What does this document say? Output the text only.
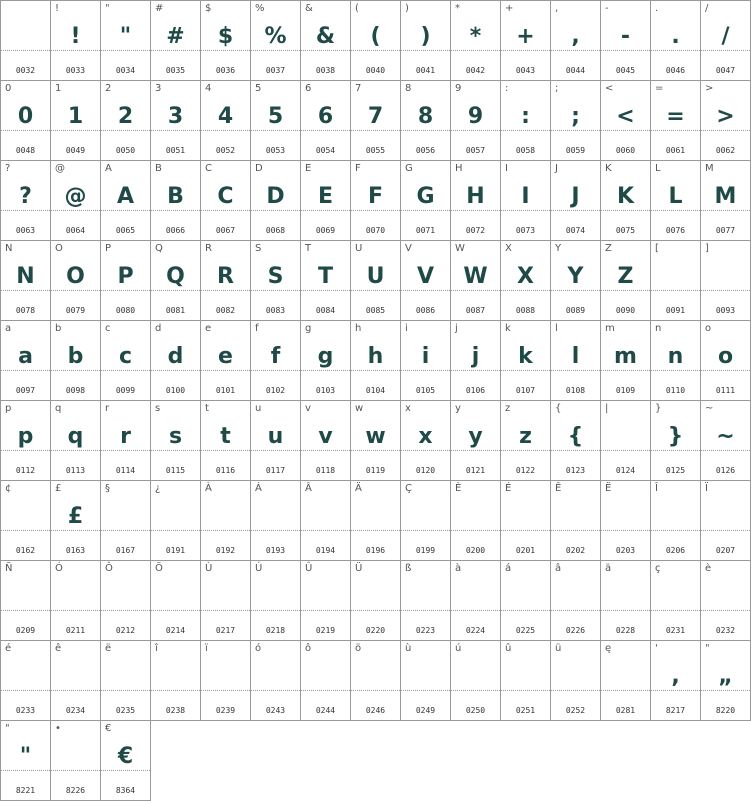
0032
!
!
0033
"
"
0034
#
#
0035
$
$
0036
%
%
0037
&
&
0038
(
(
0040
)
)
0041
*
*
0042
+
+
0043
,
,
0044
-
-
0045
.
.
0046
/
/
0047
0
0
0048
1
1
0049
2
2
0050
3
3
0051
4
4
0052
5
5
0053
6
6
0054
7
7
0055
8
8
0056
9
9
0057
:
:
0058
;
;
0059
<
<
0060
=
=
0061
>
>
0062
?
?
0063
@
@
0064
A
A
0065
B
B
0066
C
C
0067
D
D
0068
E
E
0069
F
F
0070
G
G
0071
H
H
0072
I
I
0073
J
J
0074
K
K
0075
L
L
0076
M
M
0077
N
N
0078
O
O
0079
P
P
0080
Q
Q
0081
R
R
0082
S
S
0083
T
T
0084
U
U
0085
V
V
0086
W
W
0087
X
X
0088
Y
Y
0089
Z
Z
0090
[
0091
]
0093
a
a
0097
b
b
0098
c
c
0099
d
d
0100
e
e
0101
f
f
0102
g
g
0103
h
h
0104
i
i
0105
j
j
0106
k
k
0107
l
l
0108
m
m
0109
n
n
0110
o
o
0111
p
p
0112
q
q
0113
r
r
0114
s
s
0115
t
t
0116
u
u
0117
v
v
0118
w
w
0119
x
x
0120
y
y
0121
z
z
0122
{
{
0123
|
0124
}
}
0125
~
~
0126
¢
0162
£
£
0163
§
0167
¿
0191
À
0192
Á
0193
Â
0194
Ä
0196
Ç
0199
È
0200
É
0201
Ê
0202
Ë
0203
Î
0206
Ï
0207
Ñ
0209
Ó
0211
Ô
0212
Ö
0214
Ù
0217
Ú
0218
Û
0219
Ü
0220
ß
0223
à
0224
á
0225
â
0226
ä
0228
ç
0231
è
0232
é
0233
ê
0234
ë
0235
î
0238
ï
0239
ó
0243
ô
0244
ö
0246
ù
0249
ú
0250
û
0251
ü
0252
ę
0281
'
,
8217
"
„
8220
"
"
8221
•
8226
€
€
8364
